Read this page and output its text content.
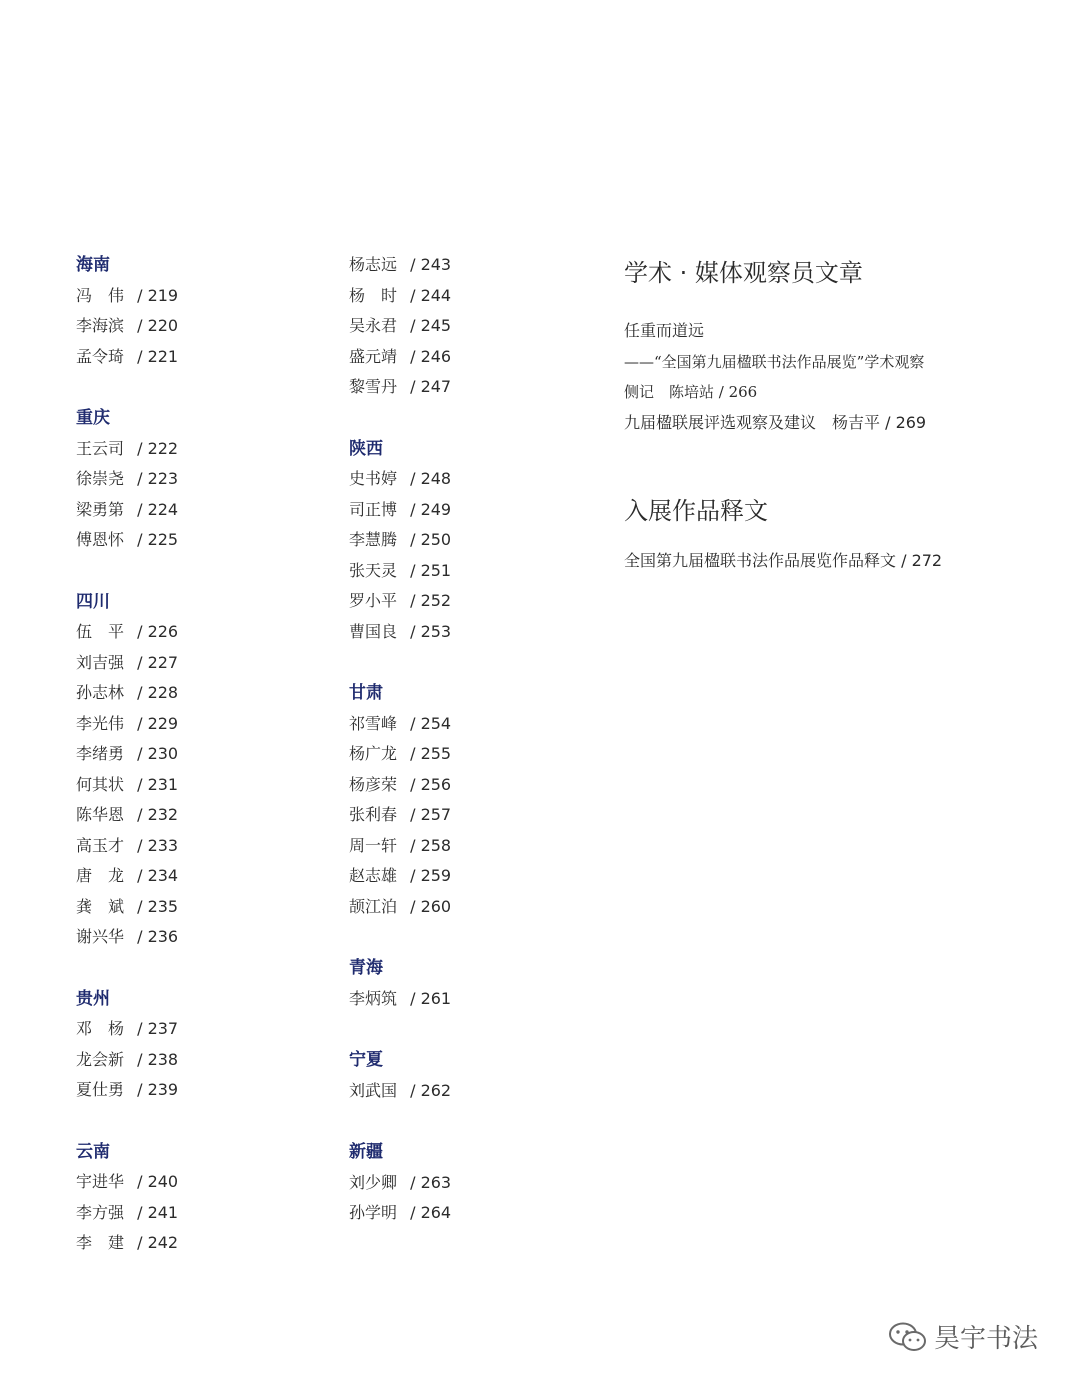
海南
冯　伟 / 219
李海滨 / 220
孟令琦 / 221
重庆
王云司 / 222
徐崇尧 / 223
梁勇第 / 224
傅恩怀 / 225
四川
伍　平 / 226
刘吉强 / 227
孙志林 / 228
李光伟 / 229
李绪勇 / 230
何其状 / 231
陈华恩 / 232
高玉才 / 233
唐　龙 / 234
龚　斌 / 235
谢兴华 / 236
贵州
邓　杨 / 237
龙会新 / 238
夏仕勇 / 239
云南
宇进华 / 240
李方强 / 241
李　建 / 242
杨志远 / 243
杨　时 / 244
吴永君 / 245
盛元靖 / 246
黎雪丹 / 247
陕西
史书婷 / 248
司正博 / 249
李慧腾 / 250
张天灵 / 251
罗小平 / 252
曹国良 / 253
甘肃
祁雪峰 / 254
杨广龙 / 255
杨彦荣 / 256
张利春 / 257
周一轩 / 258
赵志雄 / 259
颉江泊 / 260
青海
李炳筑 / 261
宁夏
刘武国 / 262
新疆
刘少卿 / 263
孙学明 / 264
学术 · 媒体观察员文章
任重而道远
——“全国第九届楹联书法作品展览”学术观察
侧记　陈培站 / 266
九届楹联展评选观察及建议　杨吉平 / 269
入展作品释文
全国第九届楹联书法作品展览作品释文 / 272
昊宇书法
